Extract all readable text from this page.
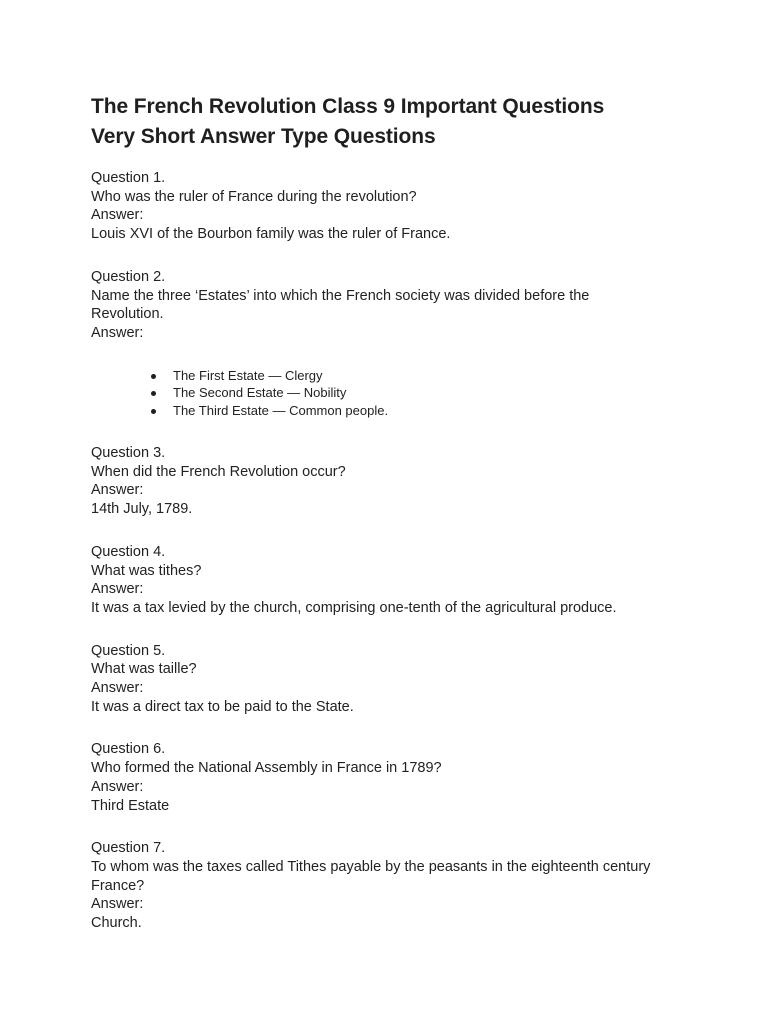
The French Revolution Class 9 Important Questions
Very Short Answer Type Questions
Question 1.
Who was the ruler of France during the revolution?
Answer:
Louis XVI of the Bourbon family was the ruler of France.
Question 2.
Name the three ‘Estates’ into which the French society was divided before the
Revolution.
Answer:
The First Estate — Clergy
The Second Estate — Nobility
The Third Estate — Common people.
Question 3.
When did the French Revolution occur?
Answer:
14th July, 1789.
Question 4.
What was tithes?
Answer:
It was a tax levied by the church, comprising one-tenth of the agricultural produce.
Question 5.
What was taille?
Answer:
It was a direct tax to be paid to the State.
Question 6.
Who formed the National Assembly in France in 1789?
Answer:
Third Estate
Question 7.
To whom was the taxes called Tithes payable by the peasants in the eighteenth century
France?
Answer:
Church.
